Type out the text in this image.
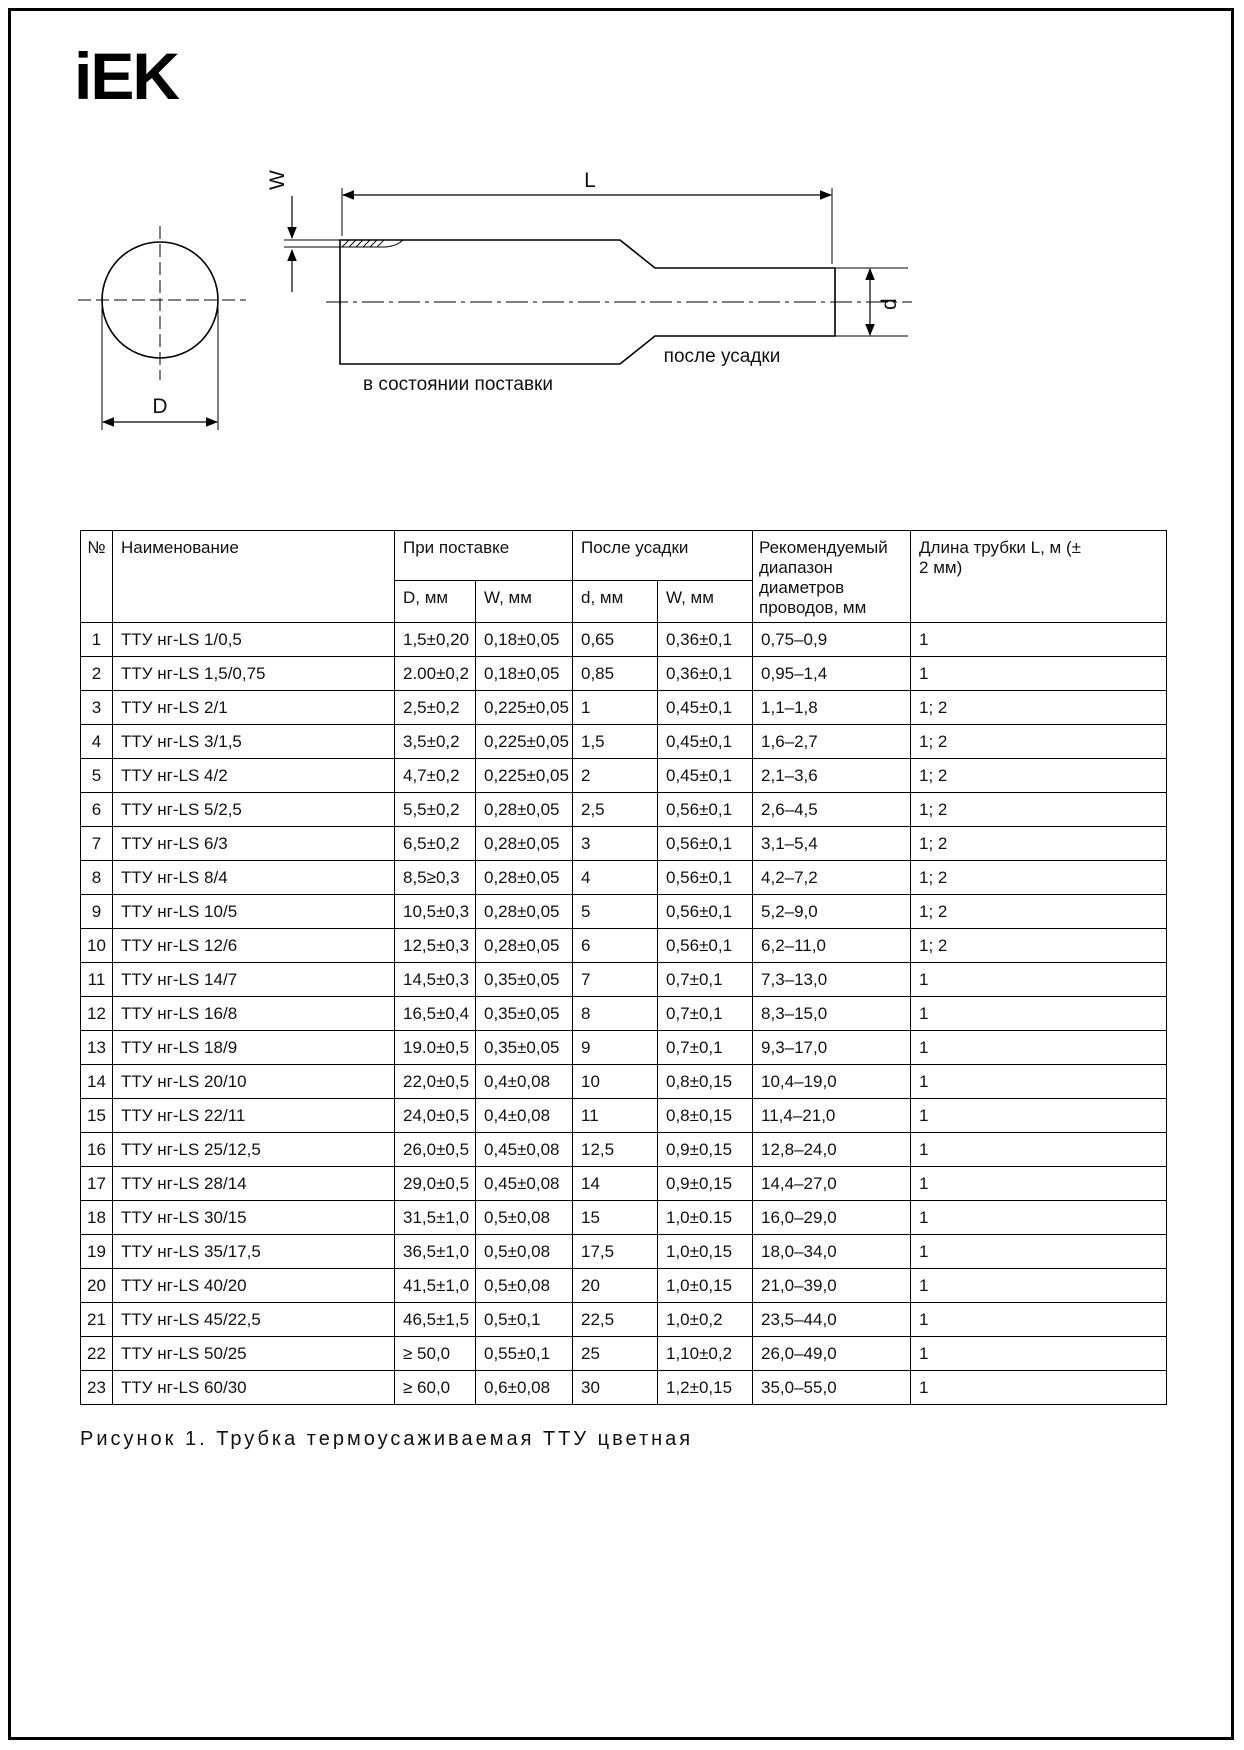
iEK
D
W	L
d
после усадки
в состоянии поставки
№	Наименование	При поставке		После усадки		Рекомендуемый диапазон диаметров проводов, мм	Длина трубки L, м (± 2 мм)

		D, мм	W, мм	d, мм	W, мм		
1	ТТУ нг-LS 1/0,5	1,5±0,20	0,18±0,05	0,65	0,36±0,1	0,75–0,9	1
2	ТТУ нг-LS 1,5/0,75	2.00±0,2	0,18±0,05	0,85	0,36±0,1	0,95–1,4	1
3	ТТУ нг-LS 2/1	2,5±0,2	0,225±0,05	1	0,45±0,1	1,1–1,8	1; 2
4	ТТУ нг-LS 3/1,5	3,5±0,2	0,225±0,05	1,5	0,45±0,1	1,6–2,7	1; 2
5	ТТУ нг-LS 4/2	4,7±0,2	0,225±0,05	2	0,45±0,1	2,1–3,6	1; 2
6	ТТУ нг-LS 5/2,5	5,5±0,2	0,28±0,05	2,5	0,56±0,1	2,6–4,5	1; 2
7	ТТУ нг-LS 6/3	6,5±0,2	0,28±0,05	3	0,56±0,1	3,1–5,4	1; 2
8	ТТУ нг-LS 8/4	8,5≥0,3	0,28±0,05	4	0,56±0,1	4,2–7,2	1; 2
9	ТТУ нг-LS 10/5	10,5±0,3	0,28±0,05	5	0,56±0,1	5,2–9,0	1; 2
10	ТТУ нг-LS 12/6	12,5±0,3	0,28±0,05	6	0,56±0,1	6,2–11,0	1; 2
11	ТТУ нг-LS 14/7	14,5±0,3	0,35±0,05	7	0,7±0,1	7,3–13,0	1
12	ТТУ нг-LS 16/8	16,5±0,4	0,35±0,05	8	0,7±0,1	8,3–15,0	1
13	ТТУ нг-LS 18/9	19.0±0,5	0,35±0,05	9	0,7±0,1	9,3–17,0	1
14	ТТУ нг-LS 20/10	22,0±0,5	0,4±0,08	10	0,8±0,15	10,4–19,0	1
15	ТТУ нг-LS 22/11	24,0±0,5	0,4±0,08	11	0,8±0,15	11,4–21,0	1
16	ТТУ нг-LS 25/12,5	26,0±0,5	0,45±0,08	12,5	0,9±0,15	12,8–24,0	1
17	ТТУ нг-LS 28/14	29,0±0,5	0,45±0,08	14	0,9±0,15	14,4–27,0	1
18	ТТУ нг-LS 30/15	31,5±1,0	0,5±0,08	15	1,0±0.15	16,0–29,0	1
19	ТТУ нг-LS 35/17,5	36,5±1,0	0,5±0,08	17,5	1,0±0,15	18,0–34,0	1
20	ТТУ нг-LS 40/20	41,5±1,0	0,5±0,08	20	1,0±0,15	21,0–39,0	1
21	ТТУ нг-LS 45/22,5	46,5±1,5	0,5±0,1	22,5	1,0±0,2	23,5–44,0	1
22	ТТУ нг-LS 50/25	≥ 50,0	0,55±0,1	25	1,10±0,2	26,0–49,0	1
23	ТТУ нг-LS 60/30	≥ 60,0	0,6±0,08	30	1,2±0,15	35,0–55,0	1
Рисунок 1. Трубка термоусаживаемая ТТУ цветная
